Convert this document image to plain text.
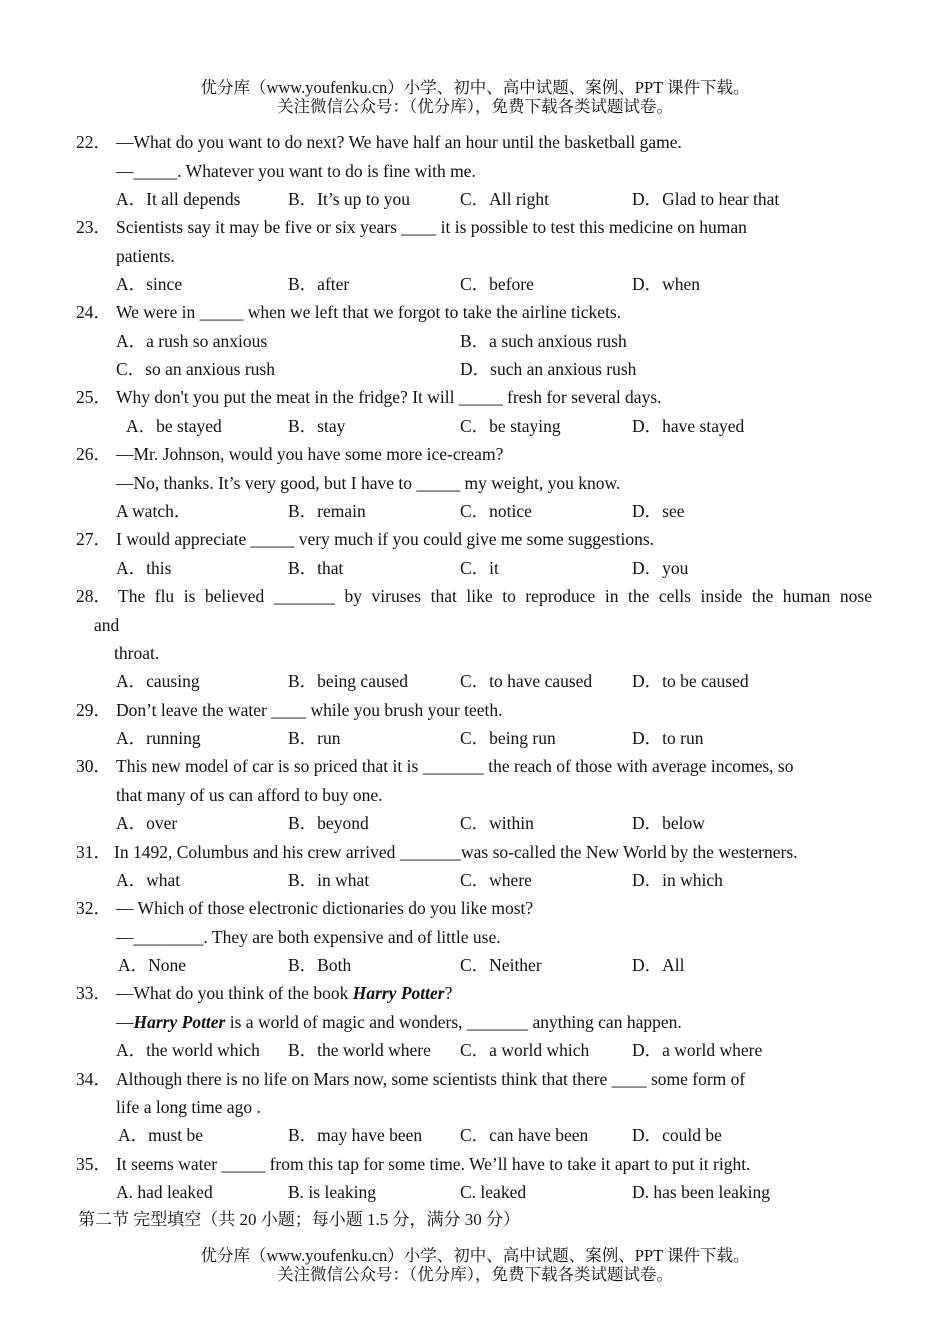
优分库（www.youfenku.cn）小学、初中、高中试题、案例、PPT 课件下载。
关注微信公众号：（优分库），免费下载各类试题试卷。
22． —What do you want to do next? We have half an hour until the basketball game.
—_____. Whatever you want to do is fine with me.
A．It all depends	B．It’s up to you	C．All right	D．Glad to hear that
23． Scientists say it may be five or six years ____ it is possible to test this medicine on human
patients.
A．since	B．after	C．before	D．when
24． We were in _____ when we left that we forgot to take the airline tickets.
A．a rush so anxious	B．a such anxious rush
C．so an anxious rush	D．such an anxious rush
25． Why don't you put the meat in the fridge? It will _____ fresh for several days.
A．be stayed	B．stay	C．be staying	D．have stayed
26． —Mr. Johnson, would you have some more ice-cream?
—No, thanks. It’s very good, but I have to _____ my weight, you know.
A watch．	B．remain	C．notice	D．see
27． I would appreciate _____ very much if you could give me some suggestions.
A．this	B．that	C．it	D．you
28． The flu is believed _______ by viruses that like to reproduce in the cells inside the human nose
and
throat.
A．causing	B．being caused	C．to have caused D．to be caused
29． Don’t leave the water ____ while you brush your teeth.
A．running	B．run	C．being run	D．to run
30． This new model of car is so priced that it is _______ the reach of those with average incomes, so
that many of us can afford to buy one.
A．over	B．beyond	C．within	D．below
31． In 1492, Columbus and his crew arrived _______was so-called the New World by the westerners.
A．what	B．in what	C．where	D．in which
32． — Which of those electronic dictionaries do you like most?
—________. They are both expensive and of little use.
A．None	B．Both	C．Neither	D．All
33． —What do you think of the book Harry Potter?
—Harry Potter is a world of magic and wonders, _______ anything can happen.
A．the world which B．the world where C．a world which D．a world where
34． Although there is no life on Mars now, some scientists think that there ____ some form of
life a long time ago .
A．must be	B．may have been C．can have been D．could be
35． It seems water _____ from this tap for some time. We’ll have to take it apart to put it right.
A. had leaked	B. is leaking	C. leaked	D. has been leaking
第二节 完型填空（共 20 小题；每小题 1.5 分，满分 30 分）
优分库（www.youfenku.cn）小学、初中、高中试题、案例、PPT 课件下载。
关注微信公众号：（优分库），免费下载各类试题试卷。
